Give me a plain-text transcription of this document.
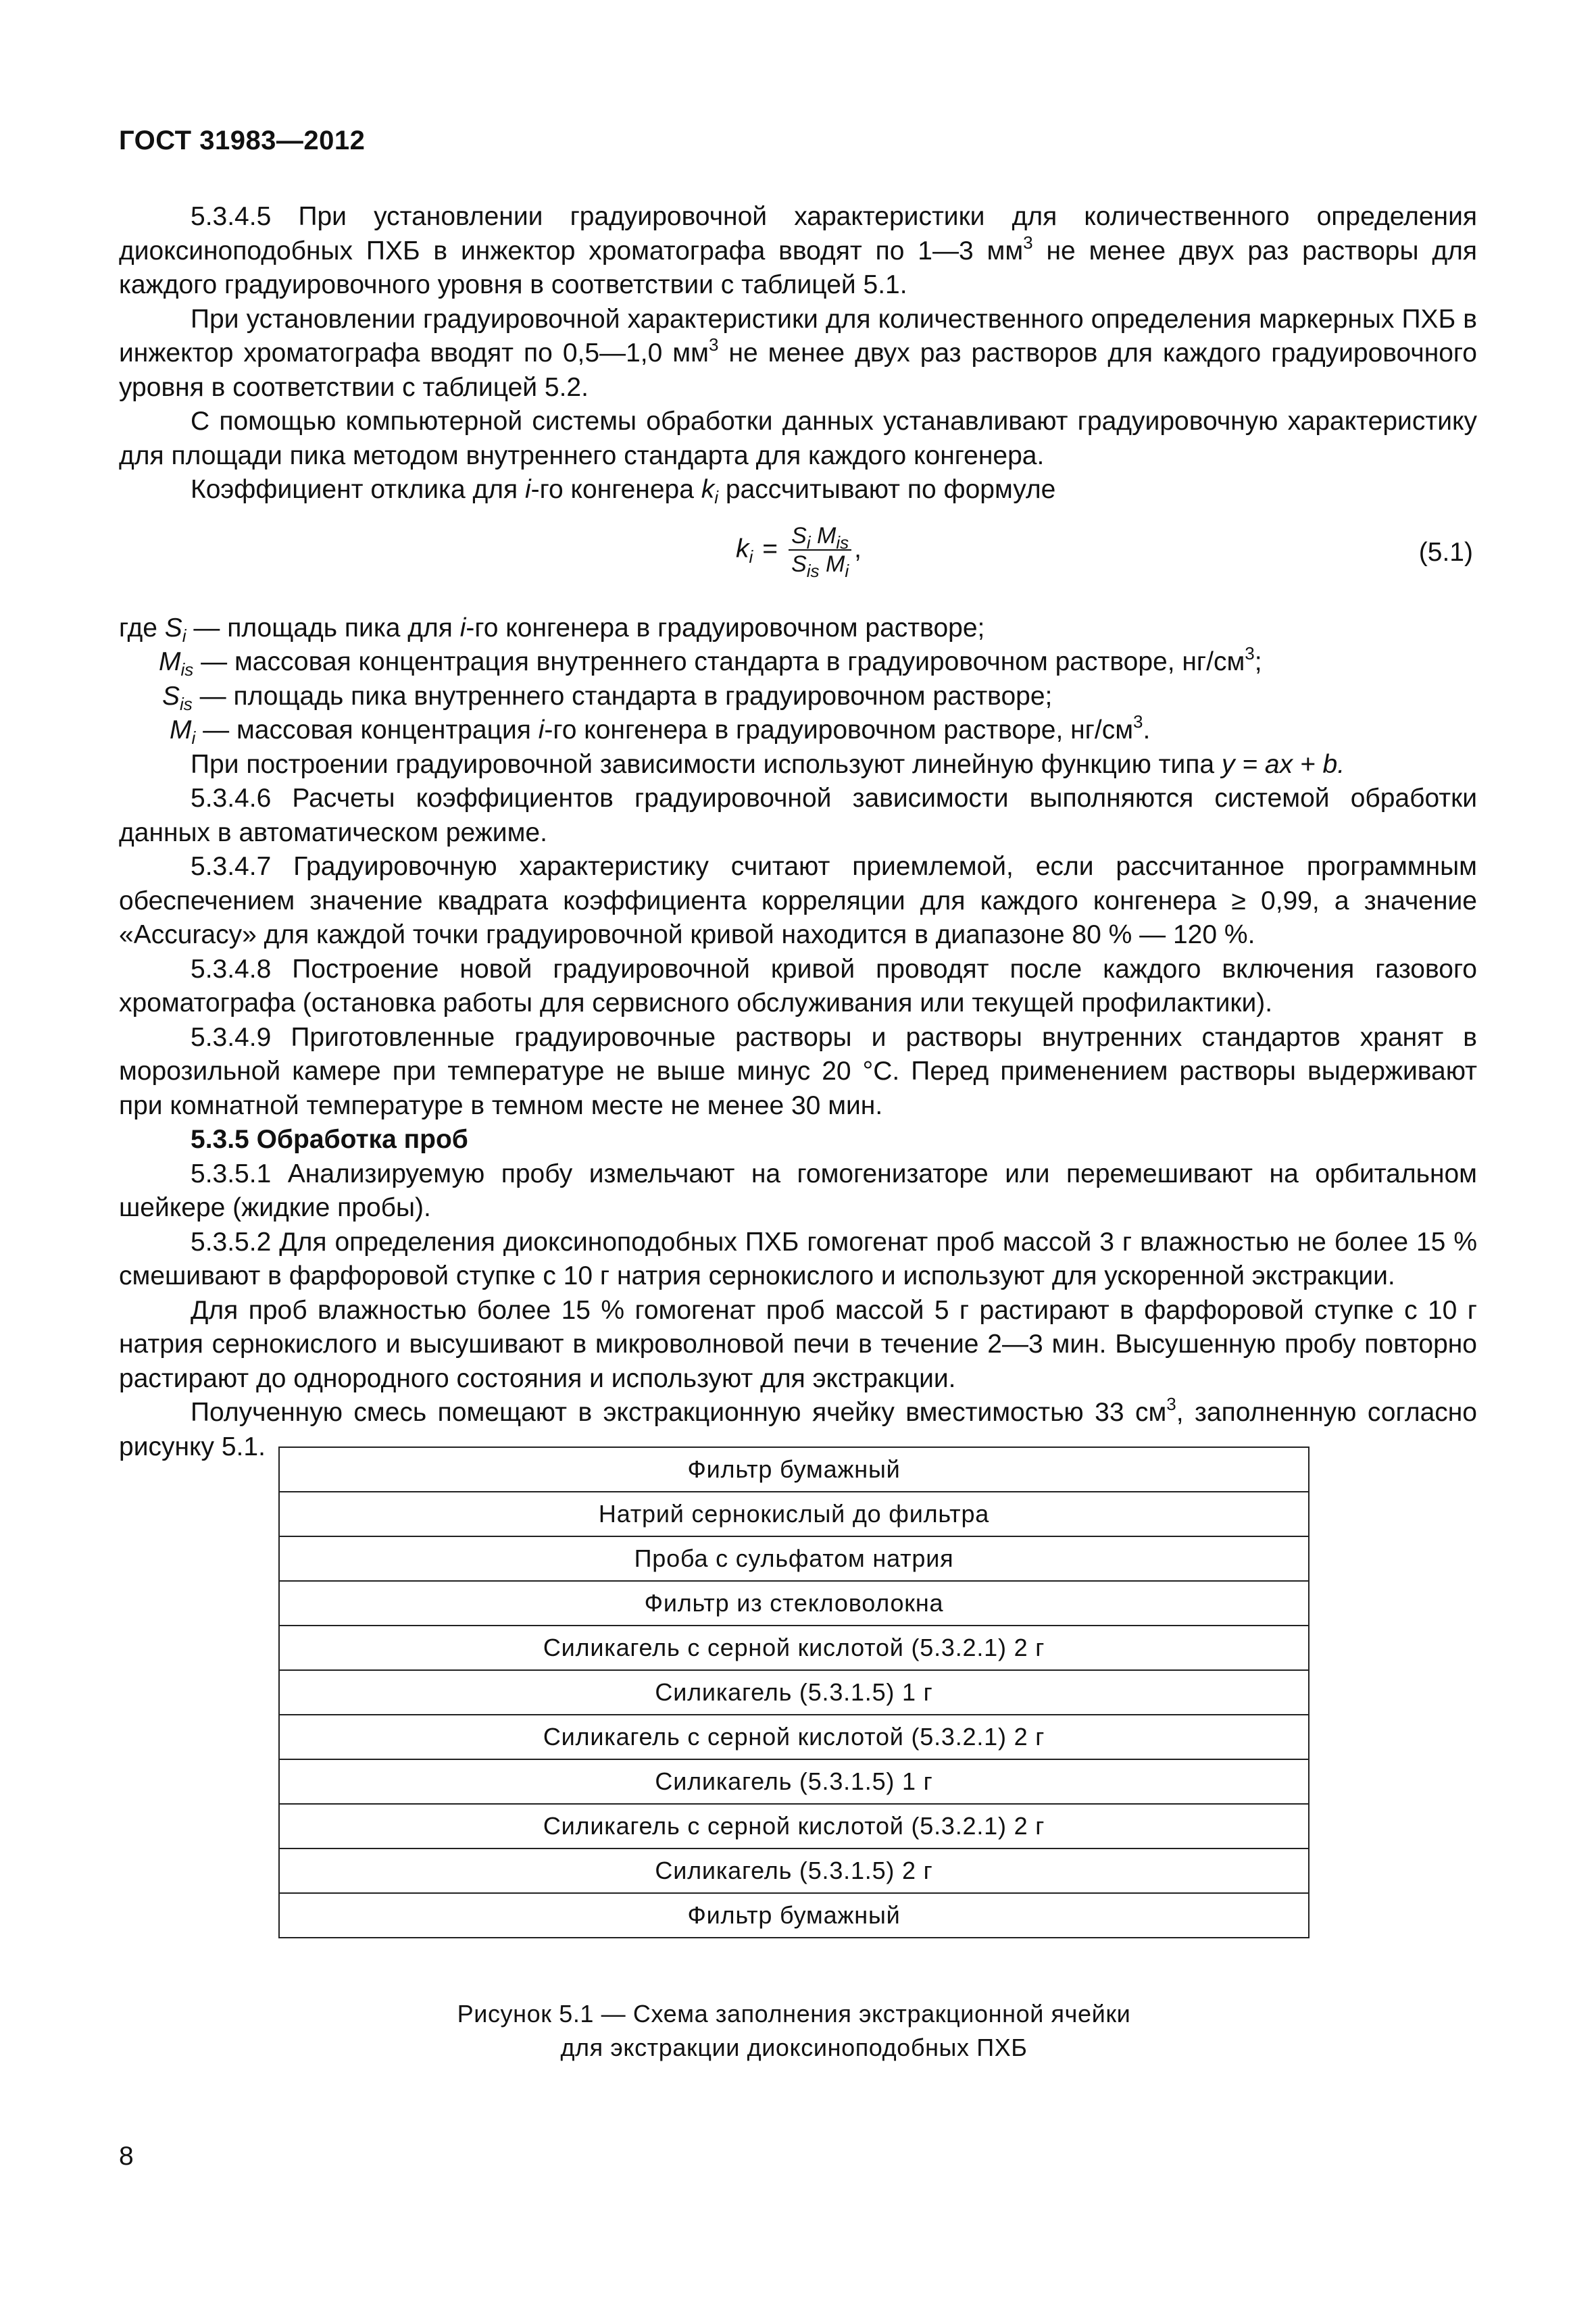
ГОСТ 31983—2012

5.3.4.5 При установлении градуировочной характеристики для количественного определения диоксиноподобных ПХБ в инжектор хроматографа вводят по 1—3 $мм^3$ не менее двух раз растворы для каждого градуировочного уровня в соответствии с таблицей 5.1.

При установлении градуировочной характеристики для количественного определения маркерных ПХБ в инжектор хроматографа вводят по 0,5—1,0 $мм^3$ не менее двух раз растворов для каждого градуировочного уровня в соответствии с таблицей 5.2.

С помощью компьютерной системы обработки данных устанавливают градуировочную характеристику для площади пика методом внутреннего стандарта для каждого конгенера.

Коэффициент отклика для i-го конгенера $k_i$ рассчитывают по формуле

$k_i = \frac{S_i M_{is}}{S_{is} M_i}$ ,	(5.1)

где $S_i$ — площадь пика для i-го конгенера в градуировочном растворе;

$M_{is}$ — массовая концентрация внутреннего стандарта в градуировочном растворе, $нг/см^3$;

$S_{is}$ — площадь пика внутреннего стандарта в градуировочном растворе;

$M_i$ — массовая концентрация i-го конгенера в градуировочном растворе, $нг/см^3$.

При построении градуировочной зависимости используют линейную функцию типа y = ax + b.

5.3.4.6 Расчеты коэффициентов градуировочной зависимости выполняются системой обработки данных в автоматическом режиме.

5.3.4.7 Градуировочную характеристику считают приемлемой, если рассчитанное программным обеспечением значение квадрата коэффициента корреляции для каждого конгенера ≥ 0,99, а значение «Accuracy» для каждой точки градуировочной кривой находится в диапазоне 80 % — 120 %.

5.3.4.8 Построение новой градуировочной кривой проводят после каждого включения газового хроматографа (остановка работы для сервисного обслуживания или текущей профилактики).

5.3.4.9 Приготовленные градуировочные растворы и растворы внутренних стандартов хранят в морозильной камере при температуре не выше минус 20 °С. Перед применением растворы выдерживают при комнатной температуре в темном месте не менее 30 мин.

5.3.5 Обработка проб

5.3.5.1 Анализируемую пробу измельчают на гомогенизаторе или перемешивают на орбитальном шейкере (жидкие пробы).

5.3.5.2 Для определения диоксиноподобных ПХБ гомогенат проб массой 3 г влажностью не более 15 % смешивают в фарфоровой ступке с 10 г натрия сернокислого и используют для ускоренной экстракции.

Для проб влажностью более 15 % гомогенат проб массой 5 г растирают в фарфоровой ступке с 10 г натрия сернокислого и высушивают в микроволновой печи в течение 2—3 мин. Высушенную пробу повторно растирают до однородного состояния и используют для экстракции.

Полученную смесь помещают в экстракционную ячейку вместимостью 33 $см^3$, заполненную согласно рисунку 5.1.

Фильтр бумажный
Натрий сернокислый до фильтра
Проба с сульфатом натрия
Фильтр из стекловолокна
Силикагель с серной кислотой (5.3.2.1) 2 г
Силикагель (5.3.1.5) 1 г
Силикагель с серной кислотой (5.3.2.1) 2 г
Силикагель (5.3.1.5) 1 г
Силикагель с серной кислотой (5.3.2.1) 2 г
Силикагель (5.3.1.5) 2 г
Фильтр бумажный
Рисунок 5.1 — Схема заполнения экстракционной ячейки
для экстракции диоксиноподобных ПХБ
8
